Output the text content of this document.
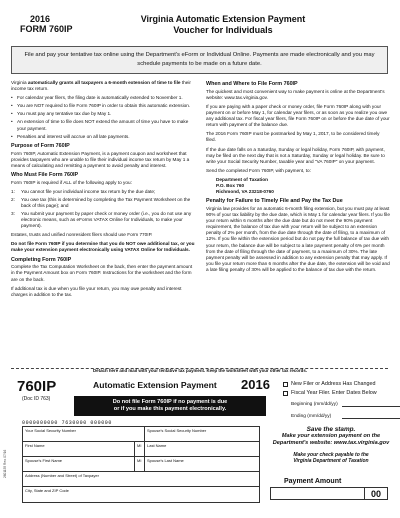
2016
FORM 760IP
Virginia Automatic Extension Payment
Voucher for Individuals
File and pay your tentative tax online using the Department's eForm or Individual Online. Payments are made electronically and you may schedule payments to be made on a future date.

Virginia automatically grants all taxpayers a 6-month extension of time to file their income tax return.

• For calendar year filers, the filing date is automatically extended to November 1.
• You are NOT required to file Form 760IP in order to obtain this automatic extension.
• You must pay any tentative tax due by May 1.
• An extension of time to file does NOT extend the amount of time you have to make your payment.
• Penalties and interest will accrue on all late payments.
Purpose of Form 760IP

Form 760IP, Automatic Extension Payment, is a payment coupon and worksheet that provides taxpayers who are unable to file their individual income tax return by May 1 a means of calculating and remitting a payment to avoid penalty and interest.

Who Must File Form 760IP

Form 760IP is required if ALL of the following apply to you:

1:	You cannot file your individual income tax return by the due date;
2:	You owe tax (this is determined by completing the Tax Payment Worksheet on the back of this page); and
3:	You submit your payment by paper check or money order (i.e., you do not use any electronic means, such as eForms VATAX Online for Individuals, to make your payment).

Estates, trusts and unified nonresident filers should use Form 770IP.

Do not file Form 760IP if you determine that you do NOT owe additional tax, or you make your extension payment electronically using VATAX Online for Individuals.

Completing Form 760IP

Complete the Tax Computation Worksheet on the back, then enter the payment amount in the Payment Amount box on Form 760IP. Instructions for the worksheet and the form are on the back.

If additional tax is due when you file your return, you may owe penalty and interest charges in addition to the tax.

When and Where to File Form 760IP

The quickest and most convenient way to make payment is online at the Department's website: www.tax.virginia.gov.

If you are paying with a paper check or money order, file Form 760IP along with your payment on or before May 1, for calendar year filers, or as soon as you realize you owe any additional tax. For fiscal year filers, file Form 760IP on or before the due date of your return with payment of the balance due.

The 2016 Form 760IP must be postmarked by May 1, 2017, to be considered timely filed.

If the due date falls on a Saturday, Sunday or legal holiday, Form 760IP, with payment, may be filed on the next day that is not a Saturday, Sunday or legal holiday. Be sure to write your Social Security Number, taxable year and "VA 760IP" on your payment.

Send the completed Form 760IP, with payment, to:

Department of Taxation
P.O. Box 760
Richmond, VA 23218-0760
Penalty for Failure to Timely File and Pay the Tax Due

Virginia law provides for an automatic 6-month filing extension, but you must pay at least 90% of your tax liability by the due date, which is May 1 for calendar year filers. If you file your return within 6 months after the due date but do not meet the 90% payment requirement, the balance of tax due with your return will be subject to an extension penalty of 2% per month, from the due date through the date of filing, to a maximum of 12%. If you file within the extension period but do not pay the full balance of tax due with your return, the balance due will be subject to a late payment penalty of 6% per month from the date of filing through the date of payment, to a maximum of 30%. The late payment penalty will be assessed in addition to any extension penalty that may apply. If you file your return more than 6 months after the due date, the extension will be void and a late filing penalty of 30% will be applied to the balance of tax due with the return.

Detach here and mail with your tentative tax payment. Keep the worksheet with your other tax records.
760IP
(Doc ID 763)
Automatic Extension Payment 2016
Do not file Form 760IP if no payment is due
or if you make this payment electronically.
New Filer or Address Has Changed
Fiscal Year Filer. Enter Dates Below
Beginning
(mm/dd/yy)
Ending
(mm/dd/yy)
0000000000 7630000 000000
Your Social Security Number	Spouse's Social Security Number
First Name	MI	Last Name
Spouse's First Name	MI	Spouse's Last Name
Address (Number and Street) of Taxpayer
City, State and ZIP Code
Save the stamp.
Make your extension payment on the
Department's website: www.tax.virginia.gov
Make your check payable to the
Virginia Department of Taxation
Payment Amount
00
2601155 Rev. 07/16
